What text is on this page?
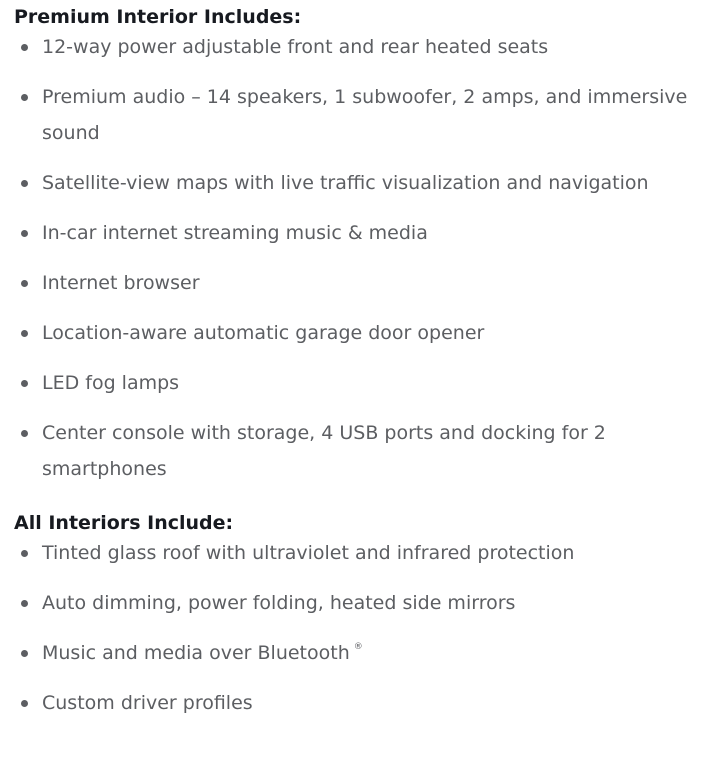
Premium Interior Includes:
12-way power adjustable front and rear heated seats
Premium audio – 14 speakers, 1 subwoofer, 2 amps, and immersive sound
Satellite-view maps with live traffic visualization and navigation
In-car internet streaming music & media
Internet browser
Location-aware automatic garage door opener
LED fog lamps
Center console with storage, 4 USB ports and docking for 2 smartphones
All Interiors Include:
Tinted glass roof with ultraviolet and infrared protection
Auto dimming, power folding, heated side mirrors
Music and media over Bluetooth ®
Custom driver profiles
